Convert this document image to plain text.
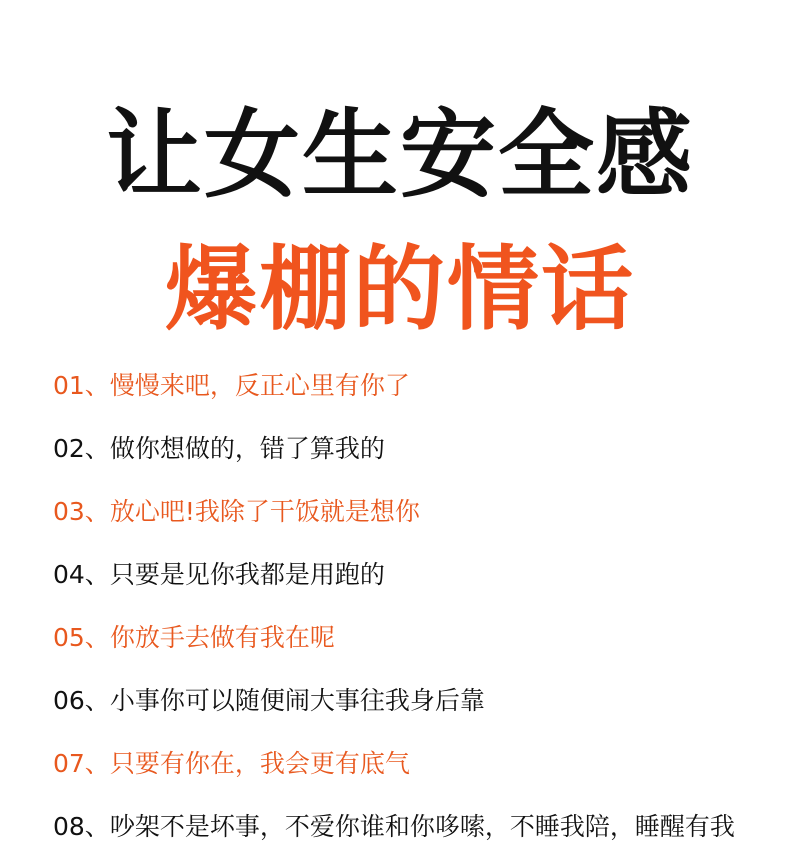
让女生安全感
爆棚的情话
01、慢慢来吧，反正心里有你了
02、做你想做的，错了算我的
03、放心吧!我除了干饭就是想你
04、只要是见你我都是用跑的
05、你放手去做有我在呢
06、小事你可以随便闹大事往我身后靠
07、只要有你在，我会更有底气
08、吵架不是坏事，不爱你谁和你哆嗦，不睡我陪，睡醒有我
